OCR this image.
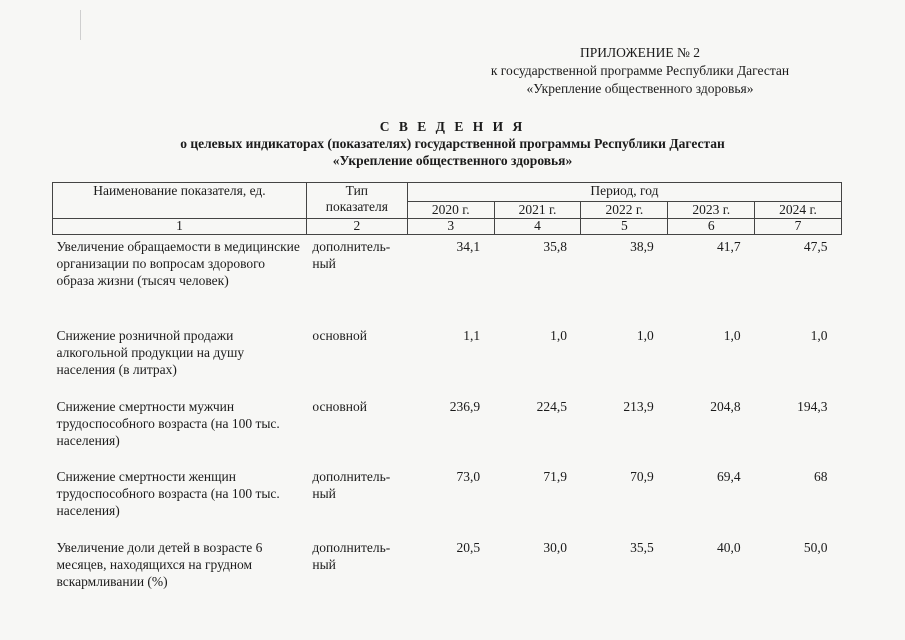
ПРИЛОЖЕНИЕ № 2
к государственной программе Республики Дагестан
«Укрепление общественного здоровья»
С В Е Д Е Н И Я
о целевых индикаторах (показателях) государственной программы Республики Дагестан
«Укрепление общественного здоровья»
Наименование показателя, ед.	Тип
показателя	Период, год				
		2020 г.	2021 г.	2022 г.	2023 г.	2024 г.
1	2	3	4	5	6	7
Увеличение обращаемости в медицинские организации по вопросам здорового образа жизни (тысяч человек)	дополнитель-ный	34,1	35,8	38,9	41,7	47,5
Снижение розничной продажи алкогольной продукции на душу населения (в литрах)	основной	1,1	1,0	1,0	1,0	1,0
Снижение смертности мужчин трудоспособного возраста (на 100 тыс. населения)	основной	236,9	224,5	213,9	204,8	194,3
Снижение смертности женщин трудоспособного возраста (на 100 тыс. населения)	дополнитель-ный	73,0	71,9	70,9	69,4	68
Увеличение доли детей в возрасте 6 месяцев, находящихся на грудном вскармливании (%)	дополнитель-ный	20,5	30,0	35,5	40,0	50,0
